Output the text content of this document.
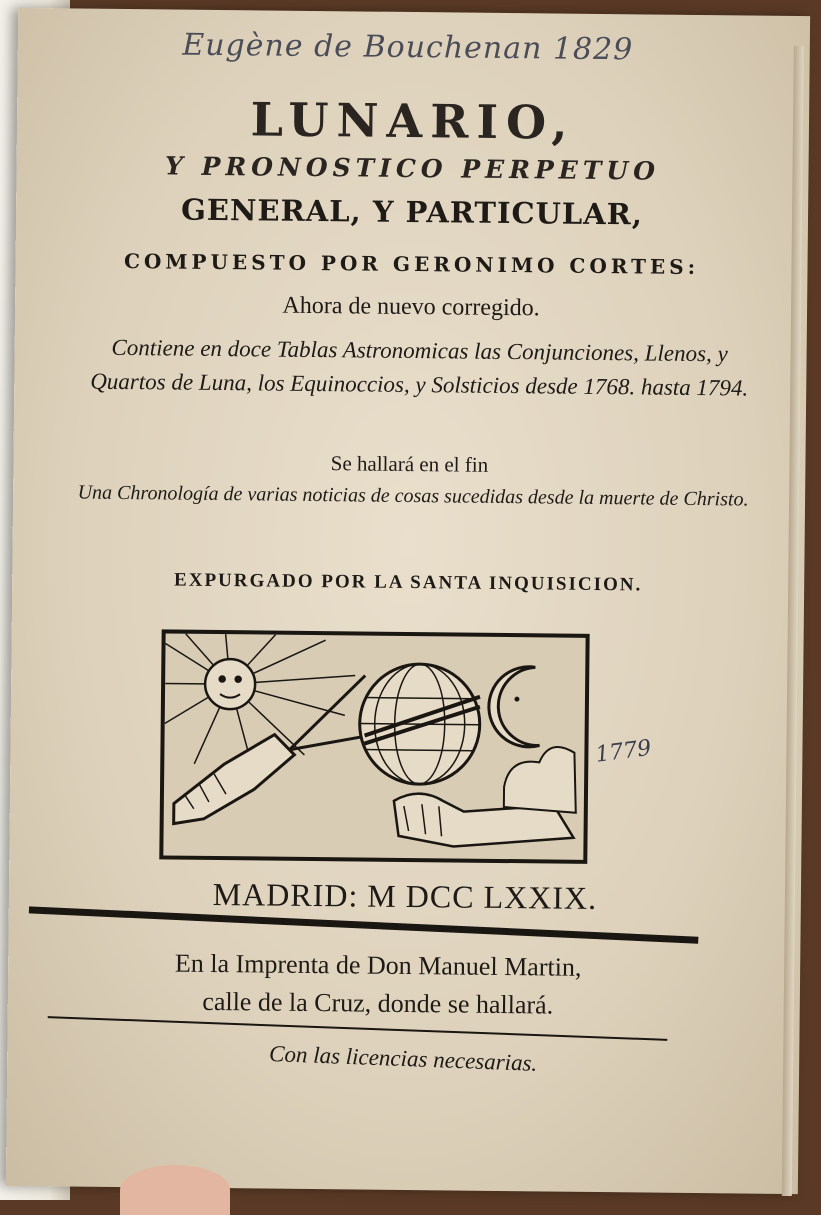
Eugène de Bouchenan 1829
LUNARIO,
Y PRONOSTICO PERPETUO
GENERAL, Y PARTICULAR,
COMPUESTO POR GERONIMO CORTES:
Ahora de nuevo corregido.
Contiene en doce Tablas Astronomicas las Conjunciones, Llenos, y Quartos de Luna, los Equinoccios, y Solsticios desde 1768. hasta 1794.
Se hallará en el fin
Una Chronología de varias noticias de cosas sucedidas desde la muerte de Christo.
EXPURGADO POR LA SANTA INQUISICION.
1779
MADRID: M DCC LXXIX.
En la Imprenta de Don Manuel Martin,
calle de la Cruz, donde se hallará.
Con las licencias necesarias.
